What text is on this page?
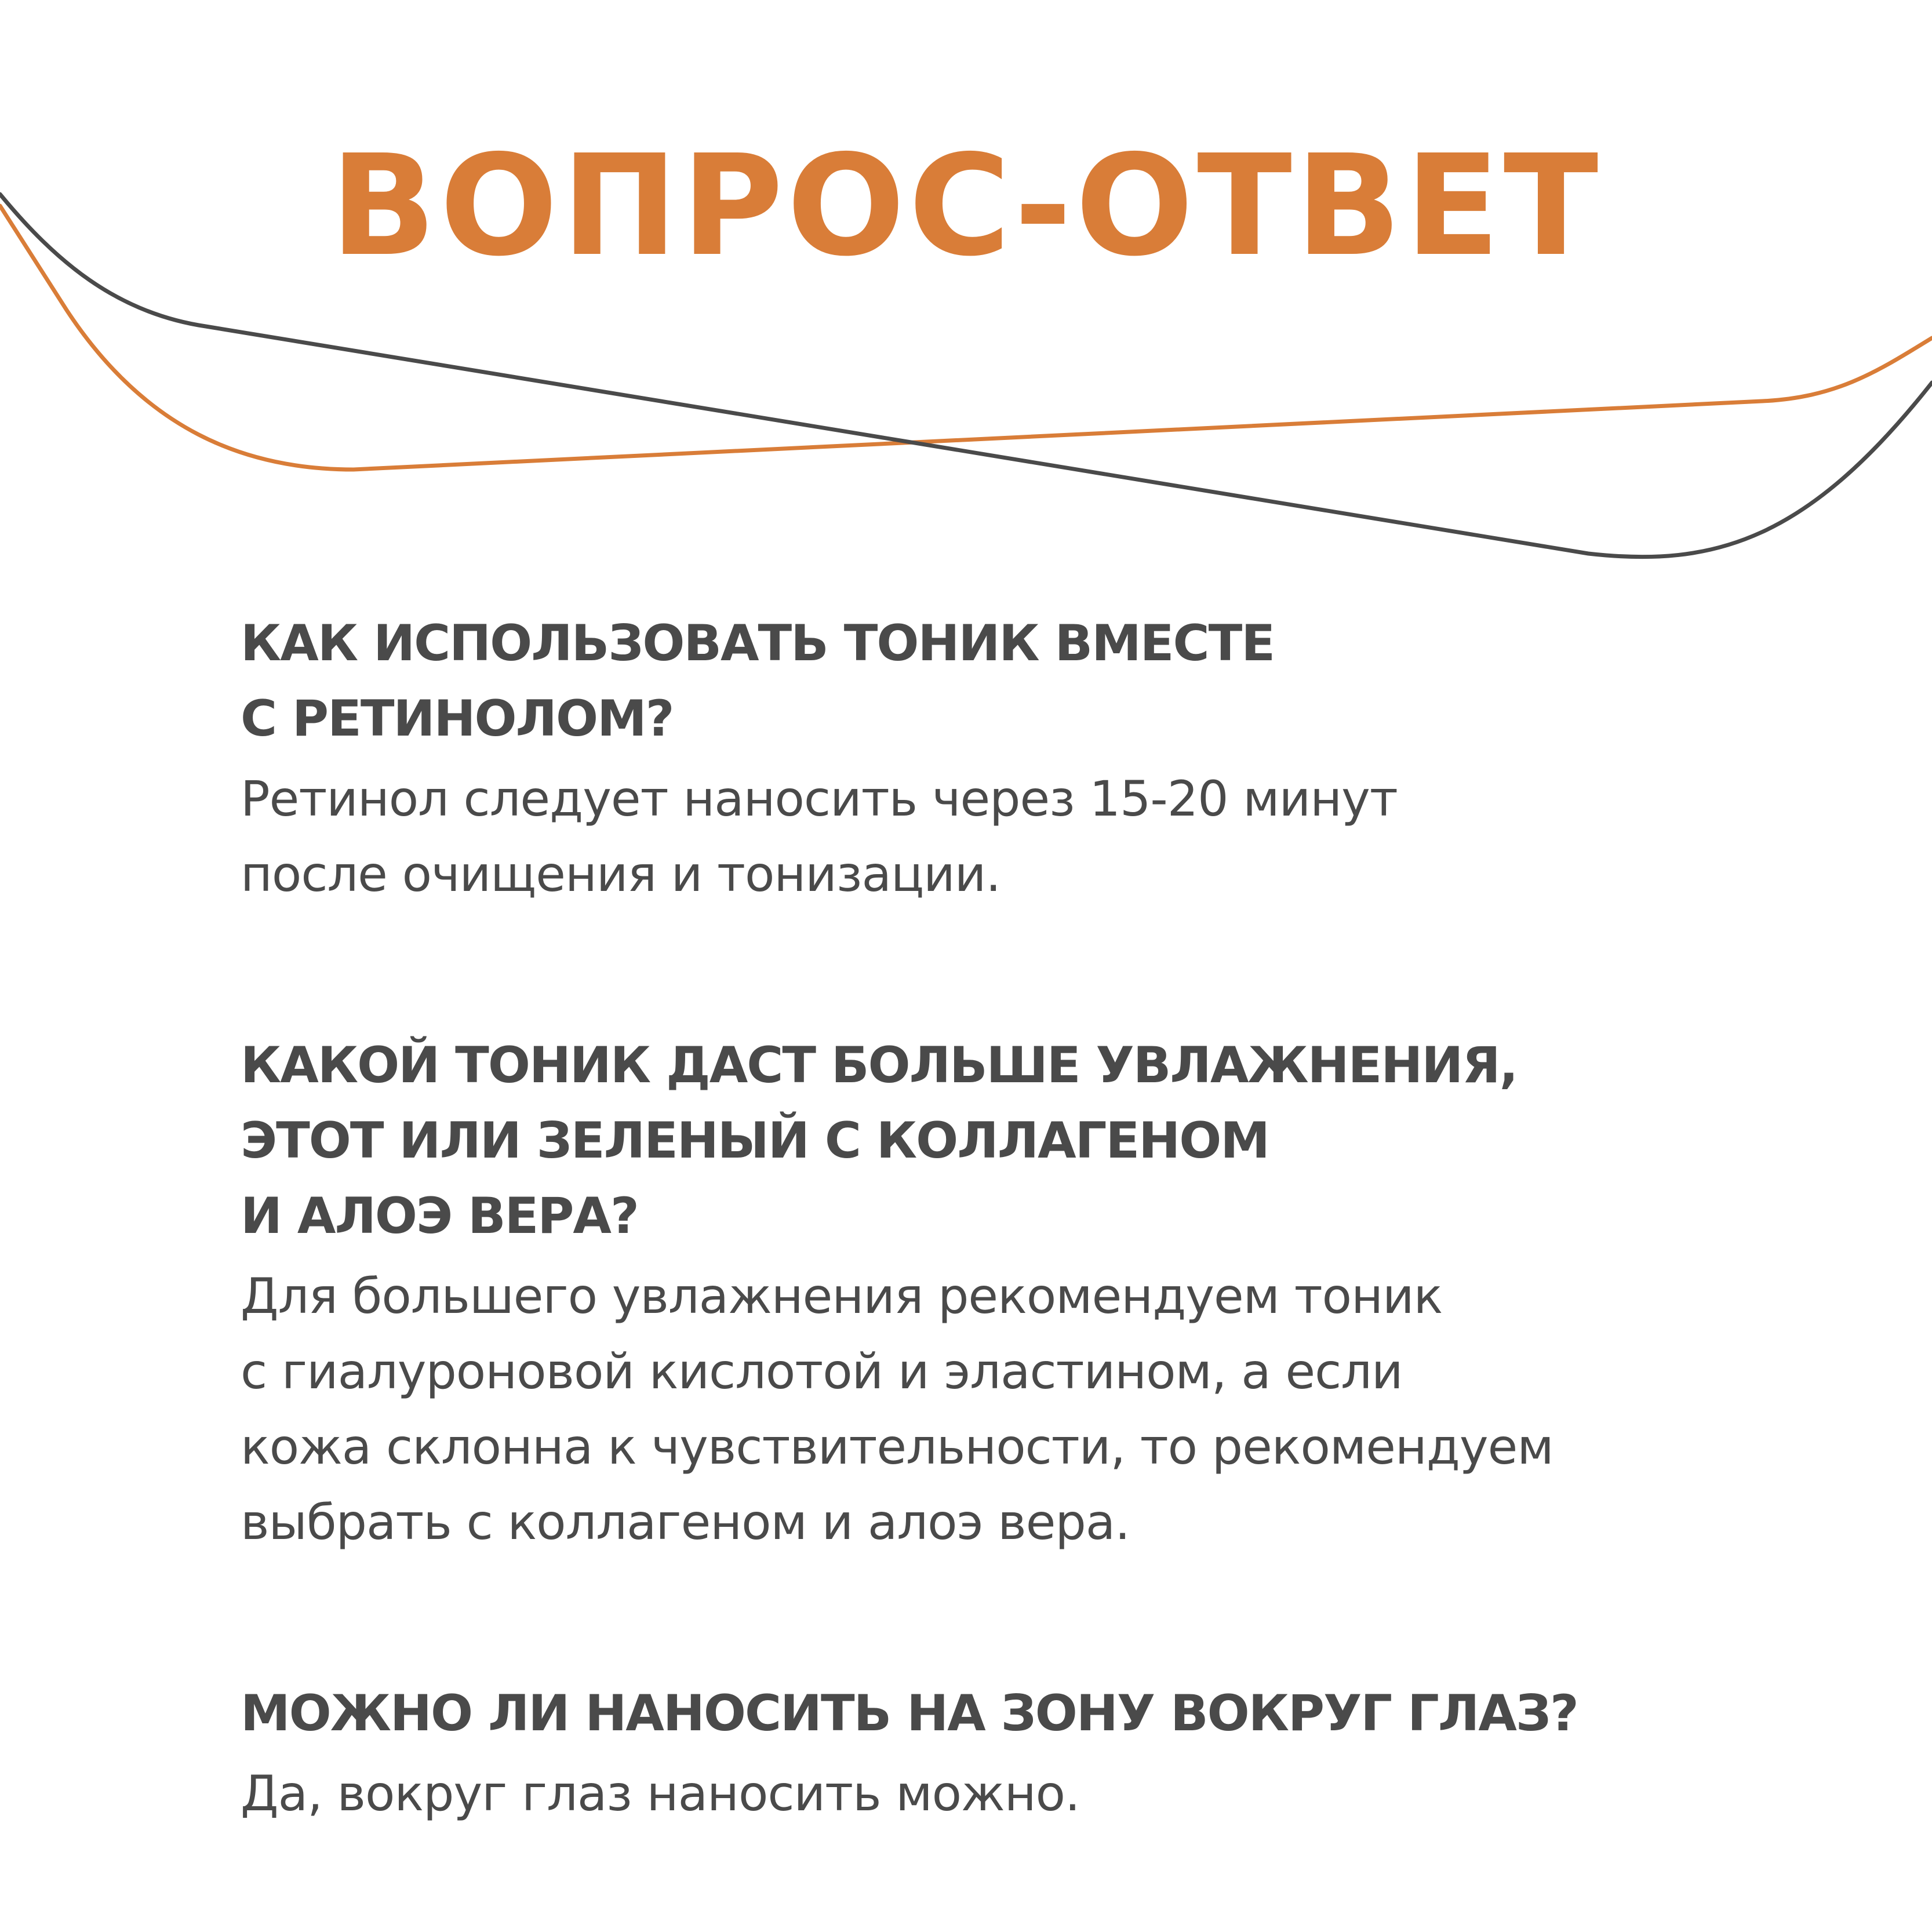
ВОПРОС-ОТВЕТ
КАК ИСПОЛЬЗОВАТЬ ТОНИК ВМЕСТЕ
С РЕТИНОЛОМ?

Ретинол следует наносить через 15-20 минут
после очищения и тонизации.

КАКОЙ ТОНИК ДАСТ БОЛЬШЕ УВЛАЖНЕНИЯ,
ЭТОТ ИЛИ ЗЕЛЕНЫЙ С КОЛЛАГЕНОМ
И АЛОЭ ВЕРА?

Для большего увлажнения рекомендуем тоник
с гиалуроновой кислотой и эластином, а если
кожа склонна к чувствительности, то рекомендуем
выбрать с коллагеном и алоэ вера.

МОЖНО ЛИ НАНОСИТЬ НА ЗОНУ ВОКРУГ ГЛАЗ?

Да, вокруг глаз наносить можно.
